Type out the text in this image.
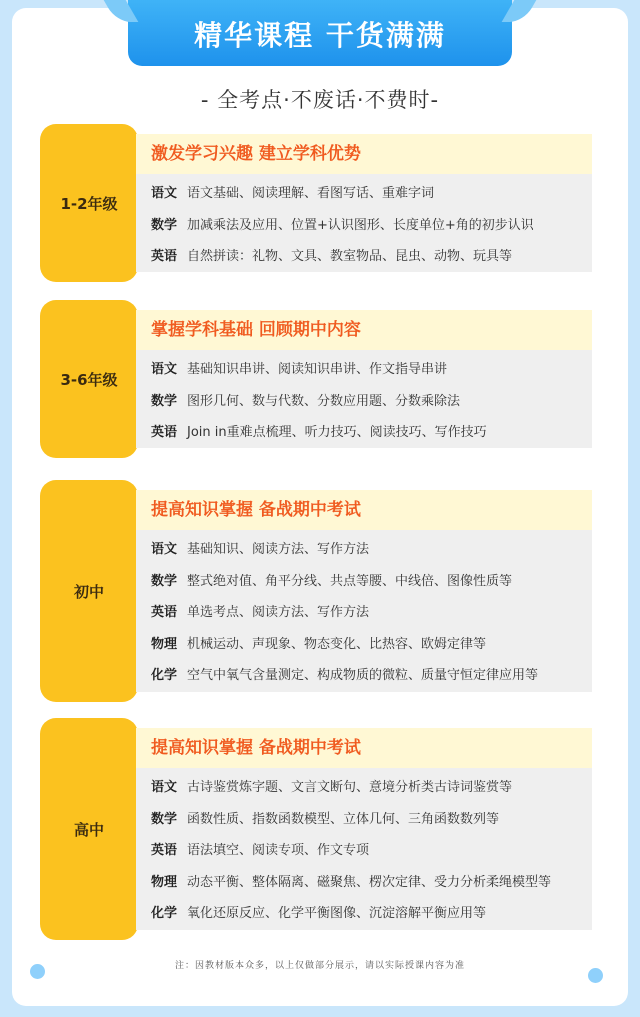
精华课程 干货满满
- 全考点·不废话·不费时-
1-2年级
激发学习兴趣 建立学科优势
语文 语文基础、阅读理解、看图写话、重难字词
数学 加减乘法及应用、位置+认识图形、长度单位+角的初步认识
英语 自然拼读：礼物、文具、教室物品、昆虫、动物、玩具等
3-6年级
掌握学科基础 回顾期中内容
语文 基础知识串讲、阅读知识串讲、作文指导串讲
数学 图形几何、数与代数、分数应用题、分数乘除法
英语 Join in重难点梳理、听力技巧、阅读技巧、写作技巧
初中
提高知识掌握 备战期中考试
语文 基础知识、阅读方法、写作方法
数学 整式绝对值、角平分线、共点等腰、中线倍、图像性质等
英语 单选考点、阅读方法、写作方法
物理 机械运动、声现象、物态变化、比热容、欧姆定律等
化学 空气中氧气含量测定、构成物质的微粒、质量守恒定律应用等
高中
提高知识掌握 备战期中考试
语文 古诗鉴赏炼字题、文言文断句、意境分析类古诗词鉴赏等
数学 函数性质、指数函数模型、立体几何、三角函数数列等
英语 语法填空、阅读专项、作文专项
物理 动态平衡、整体隔离、磁聚焦、楞次定律、受力分析柔绳模型等
化学 氧化还原反应、化学平衡图像、沉淀溶解平衡应用等
注：因教材版本众多，以上仅做部分展示，请以实际授课内容为准
